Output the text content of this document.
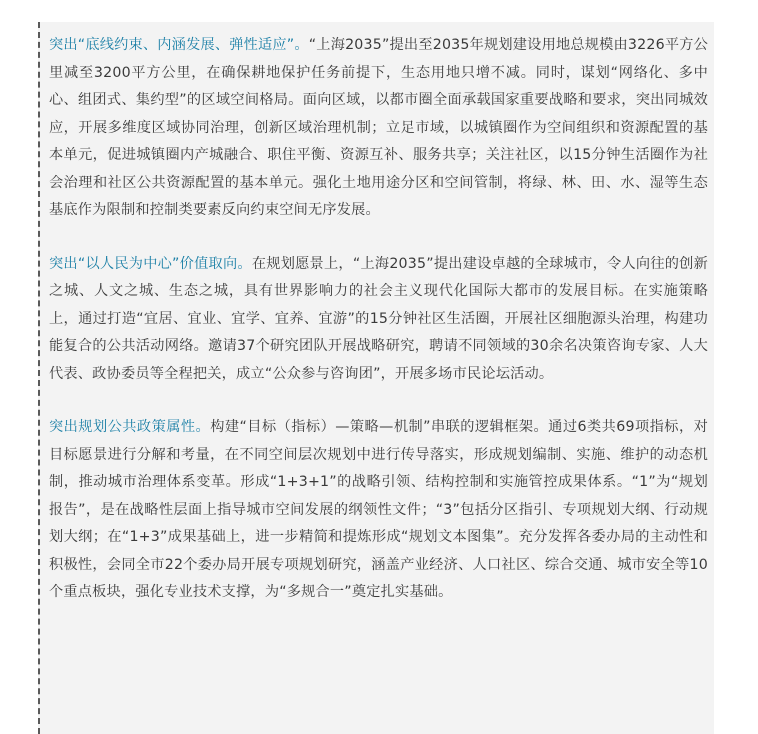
突出“底线约束、内涵发展、弹性适应”。“上海2035”提出至2035年规划建设用地总规模由3226平方公里减至3200平方公里，在确保耕地保护任务前提下，生态用地只增不减。同时，谋划“网络化、多中心、组团式、集约型”的区域空间格局。面向区域，以都市圈全面承载国家重要战略和要求，突出同城效应，开展多维度区域协同治理，创新区域治理机制；立足市域，以城镇圈作为空间组织和资源配置的基本单元，促进城镇圈内产城融合、职住平衡、资源互补、服务共享；关注社区，以15分钟生活圈作为社会治理和社区公共资源配置的基本单元。强化土地用途分区和空间管制，将绿、林、田、水、湿等生态基底作为限制和控制类要素反向约束空间无序发展。

突出“以人民为中心”价值取向。在规划愿景上，“上海2035”提出建设卓越的全球城市，令人向往的创新之城、人文之城、生态之城，具有世界影响力的社会主义现代化国际大都市的发展目标。在实施策略上，通过打造“宜居、宜业、宜学、宜养、宜游”的15分钟社区生活圈，开展社区细胞源头治理，构建功能复合的公共活动网络。邀请37个研究团队开展战略研究，聘请不同领域的30余名决策咨询专家、人大代表、政协委员等全程把关，成立“公众参与咨询团”，开展多场市民论坛活动。

突出规划公共政策属性。构建“目标（指标）—策略—机制”串联的逻辑框架。通过6类共69项指标，对目标愿景进行分解和考量，在不同空间层次规划中进行传导落实，形成规划编制、实施、维护的动态机制，推动城市治理体系变革。形成“1+3+1”的战略引领、结构控制和实施管控成果体系。“1”为“规划报告”，是在战略性层面上指导城市空间发展的纲领性文件；“3”包括分区指引、专项规划大纲、行动规划大纲；在“1+3”成果基础上，进一步精简和提炼形成“规划文本图集”。充分发挥各委办局的主动性和积极性，会同全市22个委办局开展专项规划研究，涵盖产业经济、人口社区、综合交通、城市安全等10个重点板块，强化专业技术支撑，为“多规合一”奠定扎实基础。
